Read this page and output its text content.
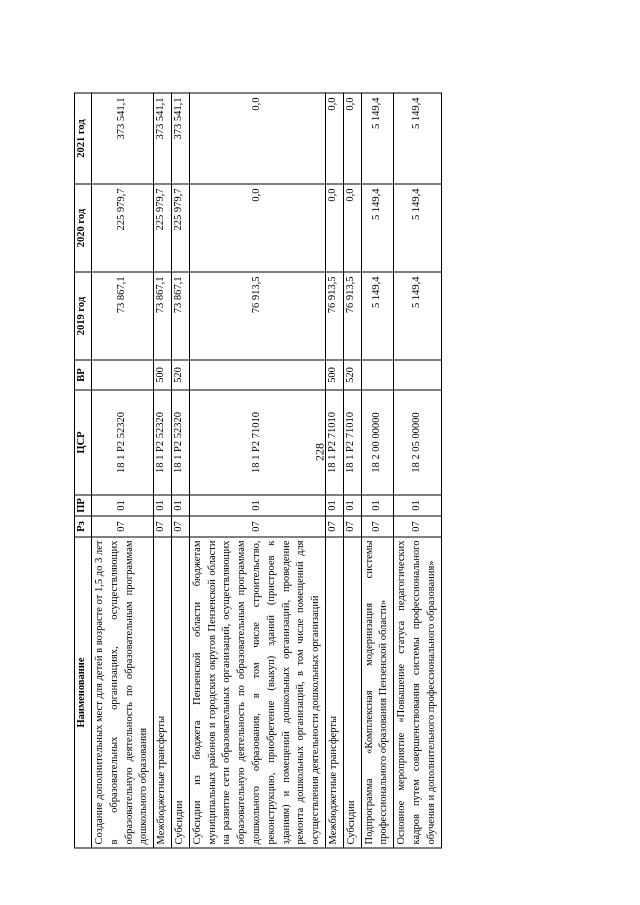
228
Наименование	Рз	ПР	ЦСР	ВР	2019 год	2020 год	2021 год
Создание дополнительных мест для детей в возрасте от 1,5 до 3 лет в образовательных организациях, осуществляющих образовательную деятельность по образовательным программам дошкольного образования	07	01	18 1 P2 52320		73 867,1	225 979,7	373 541,1
Межбюджетные трансферты	07	01	18 1 P2 52320	500	73 867,1	225 979,7	373 541,1
Субсидии	07	01	18 1 P2 52320	520	73 867,1	225 979,7	373 541,1
Субсидии из бюджета Пензенской области бюджетам муниципальных районов и городских округов Пензенской области на развитие сети образовательных организаций, осуществляющих образовательную деятельность по образовательным программам дошкольного образования, в том числе строительство, реконструкцию, приобретение (выкуп) зданий (пристроев к зданиям) и помещений дошкольных организаций, проведение ремонта дошкольных организаций, в том числе помещений для осуществления деятельности дошкольных организаций	07	01	18 1 P2 71010		76 913,5	0,0	0,0
Межбюджетные трансферты	07	01	18 1 P2 71010	500	76 913,5	0,0	0,0
Субсидии	07	01	18 1 P2 71010	520	76 913,5	0,0	0,0
Подпрограмма «Комплексная модернизация системы профессионального образования Пензенской области»	07	01	18 2 00 00000		5 149,4	5 149,4	5 149,4
Основное мероприятие «Повышение статуса педагогических кадров путем совершенствования системы профессионального обучения и дополнительного профессионального образования»	07	01	18 2 05 00000		5 149,4	5 149,4	5 149,4
